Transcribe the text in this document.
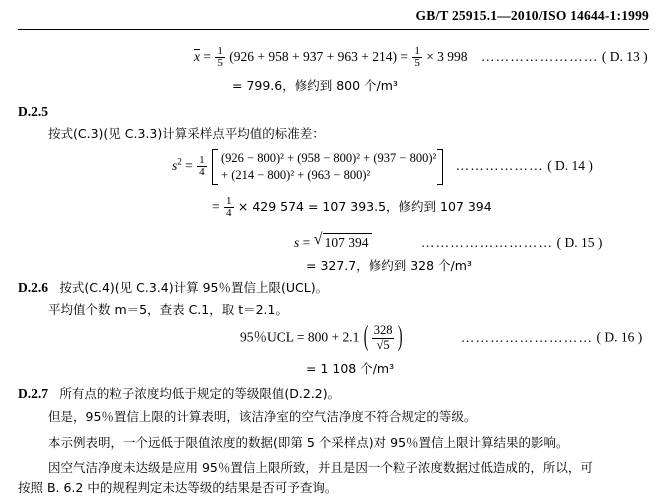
GB/T 25915.1—2010/ISO 14644-1:1999
$x = \frac{1}{5} (926 + 958 + 937 + 963 + 214) = \frac{1}{5} \times 3$ 998 …………………… ( D. 13 )
= 799.6，修约到 800 个/m³
D.2.5
按式(C.3)(见 C.3.3)计算采样点平均值的标准差：
$s^2 = \frac{1}{4}$
(926 − 800)² + (958 − 800)² + (937 − 800)²
+ (214 − 800)² + (963 − 800)²
……………… ( D. 14 )
= $\frac{1}{4} \times 429$ 574 = 107 393.5，修约到 107 394
s = √ 107 394	……………………… ( D. 15 )
= 327.7，修约到 328 个/m³
D.2.6 按式(C.4)(见 C.3.4)计算 95％置信上限(UCL)。
平均值个数 m＝5，查表 C.1，取 t＝2.1。
95％UCL = 800 + 2.1 ( $\frac{328}{√5}$
)	……………………… ( D. 16 )
= 1 108 个/m³
D.2.7 所有点的粒子浓度均低于规定的等级限值(D.2.2)。
但是，95％置信上限的计算表明，该洁净室的空气洁净度不符合规定的等级。
本示例表明，一个远低于限值浓度的数据(即第 5 个采样点)对 95％置信上限计算结果的影响。
因空气洁净度未达级是应用 95％置信上限所致，并且是因一个粒子浓度数据过低造成的，所以，可
按照 B. 6.2 中的规程判定未达等级的结果是否可予查询。
